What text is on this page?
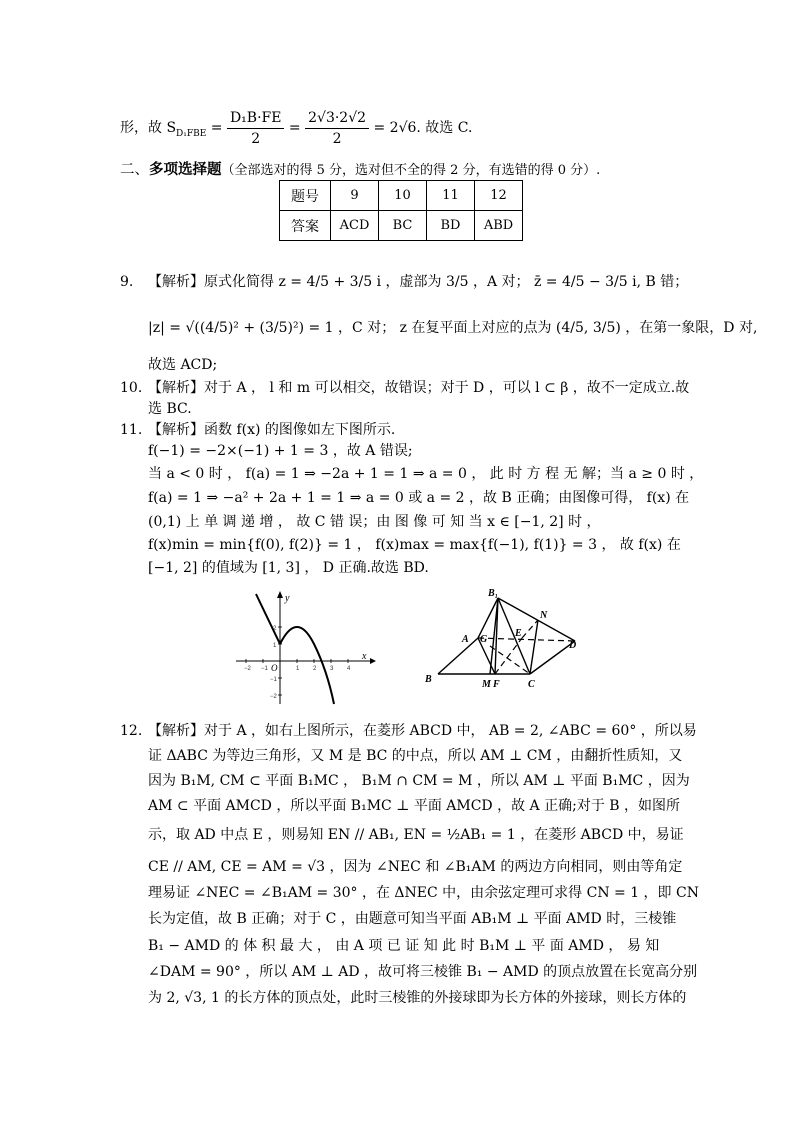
形，故 $S_{D_1FBE} = \frac{\text{D₁B·FE}}{2} = \frac{2√3\cdot 2√2}{2} = 2√6$. 故选 C.
二、多项选择题（全部选对的得 5 分，选对但不全的得 2 分，有选错的得 0 分）.
题号	9	10	11	12
答案	ACD	BC	BD	ABD
9. 【解析】原式化简得 z = 4/5 + 3/5 i ，虚部为 3/5 ，A 对； z̄ = 4/5 − 3/5 i, B 错；
|z| = √((4/5)² + (3/5)²) = 1 ，C 对； z 在复平面上对应的点为 (4/5, 3/5) ，在第一象限，D 对,
故选 ACD;
10. 【解析】对于 A ， l 和 m 可以相交，故错误；对于 D ，可以 l ⊂ β ，故不一定成立.故
选 BC.
11. 【解析】函数 f(x) 的图像如左下图所示.
f(−1) = −2×(−1) + 1 = 3 ，故 A 错误;
当 a < 0 时 ， f(a) = 1 ⇒ −2a + 1 = 1 ⇒ a = 0 ， 此 时 方 程 无 解；当 a ≥ 0 时 ，
f(a) = 1 ⇒ −a² + 2a + 1 = 1 ⇒ a = 0 或 a = 2 ，故 B 正确；由图像可得， f(x) 在
(0,1) 上 单 调 递 增 ， 故 C 错 误；由 图 像 可 知 当 x ∈ [−1, 2] 时 ，
f(x)min = min{f(0), f(2)} = 1 ， f(x)max = max{f(−1), f(1)} = 3 ， 故 f(x) 在
[−1, 2] 的值域为 [1, 3] ， D 正确.故选 BD.
y
x
O
−2 −1	1 2 3 4
2
1
−1
−2
B₁
N
A G
E
D
B	M F	C
12. 【解析】对于 A ，如右上图所示，在菱形 ABCD 中， AB = 2, ∠ABC = 60° ，所以易
证 ΔABC 为等边三角形，又 M 是 BC 的中点，所以 AM ⊥ CM ，由翻折性质知，又
因为 B₁M, CM ⊂ 平面 B₁MC ， B₁M ∩ CM = M ，所以 AM ⊥ 平面 B₁MC ，因为
AM ⊂ 平面 AMCD ，所以平面 B₁MC ⊥ 平面 AMCD ，故 A 正确;对于 B ，如图所
示，取 AD 中点 E ，则易知 EN // AB₁, EN = ½AB₁ = 1 ，在菱形 ABCD 中，易证
CE // AM, CE = AM = √3 ，因为 ∠NEC 和 ∠B₁AM 的两边方向相同，则由等角定
理易证 ∠NEC = ∠B₁AM = 30° ，在 ΔNEC 中，由余弦定理可求得 CN = 1 ，即 CN
长为定值，故 B 正确；对于 C ，由题意可知当平面 AB₁M ⊥ 平面 AMD 时，三棱锥
B₁ − AMD 的 体 积 最 大 ， 由 A 项 已 证 知 此 时 B₁M ⊥ 平 面 AMD ， 易 知
∠DAM = 90° ，所以 AM ⊥ AD ，故可将三棱锥 B₁ − AMD 的顶点放置在长宽高分别
为 2, √3, 1 的长方体的顶点处，此时三棱锥的外接球即为长方体的外接球，则长方体的
